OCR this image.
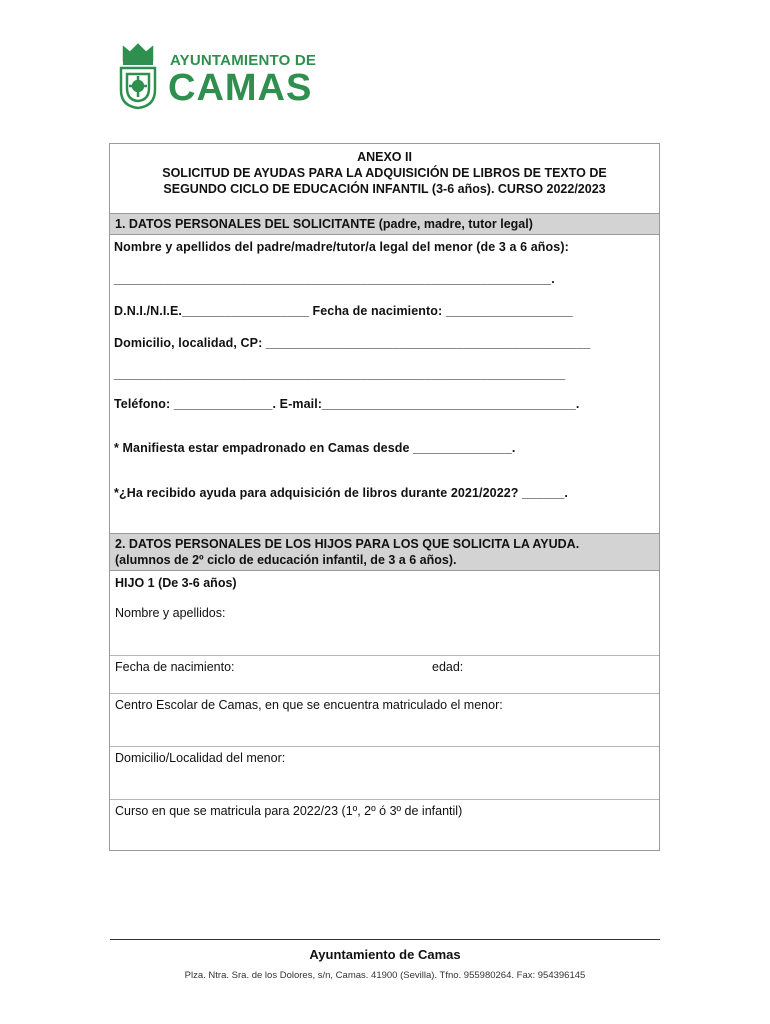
AYUNTAMIENTO DE
CAMAS
ANEXO II
SOLICITUD DE AYUDAS PARA LA ADQUISICIÓN DE LIBROS DE TEXTO DE
SEGUNDO CICLO DE EDUCACIÓN INFANTIL (3-6 años). CURSO 2022/2023
1. DATOS PERSONALES DEL SOLICITANTE (padre, madre, tutor legal)
Nombre y apellidos del padre/madre/tutor/a legal del menor (de 3 a 6 años):
______________________________________________________________.
D.N.I./N.I.E.__________________ Fecha de nacimiento: __________________
Domicilio, localidad, CP: ______________________________________________
________________________________________________________________
Teléfono: ______________. E-mail:____________________________________.
* Manifiesta estar empadronado en Camas desde ______________.
*¿Ha recibido ayuda para adquisición de libros durante 2021/2022? ______.
2. DATOS PERSONALES DE LOS HIJOS PARA LOS QUE SOLICITA LA AYUDA.
(alumnos de 2º ciclo de educación infantil, de 3 a 6 años).
HIJO 1 (De 3-6 años)
Nombre y apellidos:
Fecha de nacimiento:	edad:
Centro Escolar de Camas, en que se encuentra matriculado el menor:
Domicilio/Localidad del menor:
Curso en que se matricula para 2022/23 (1º, 2º ó 3º de infantil)
Ayuntamiento de Camas
Plza. Ntra. Sra. de los Dolores, s/n, Camas. 41900 (Sevilla). Tfno. 955980264. Fax: 954396145
